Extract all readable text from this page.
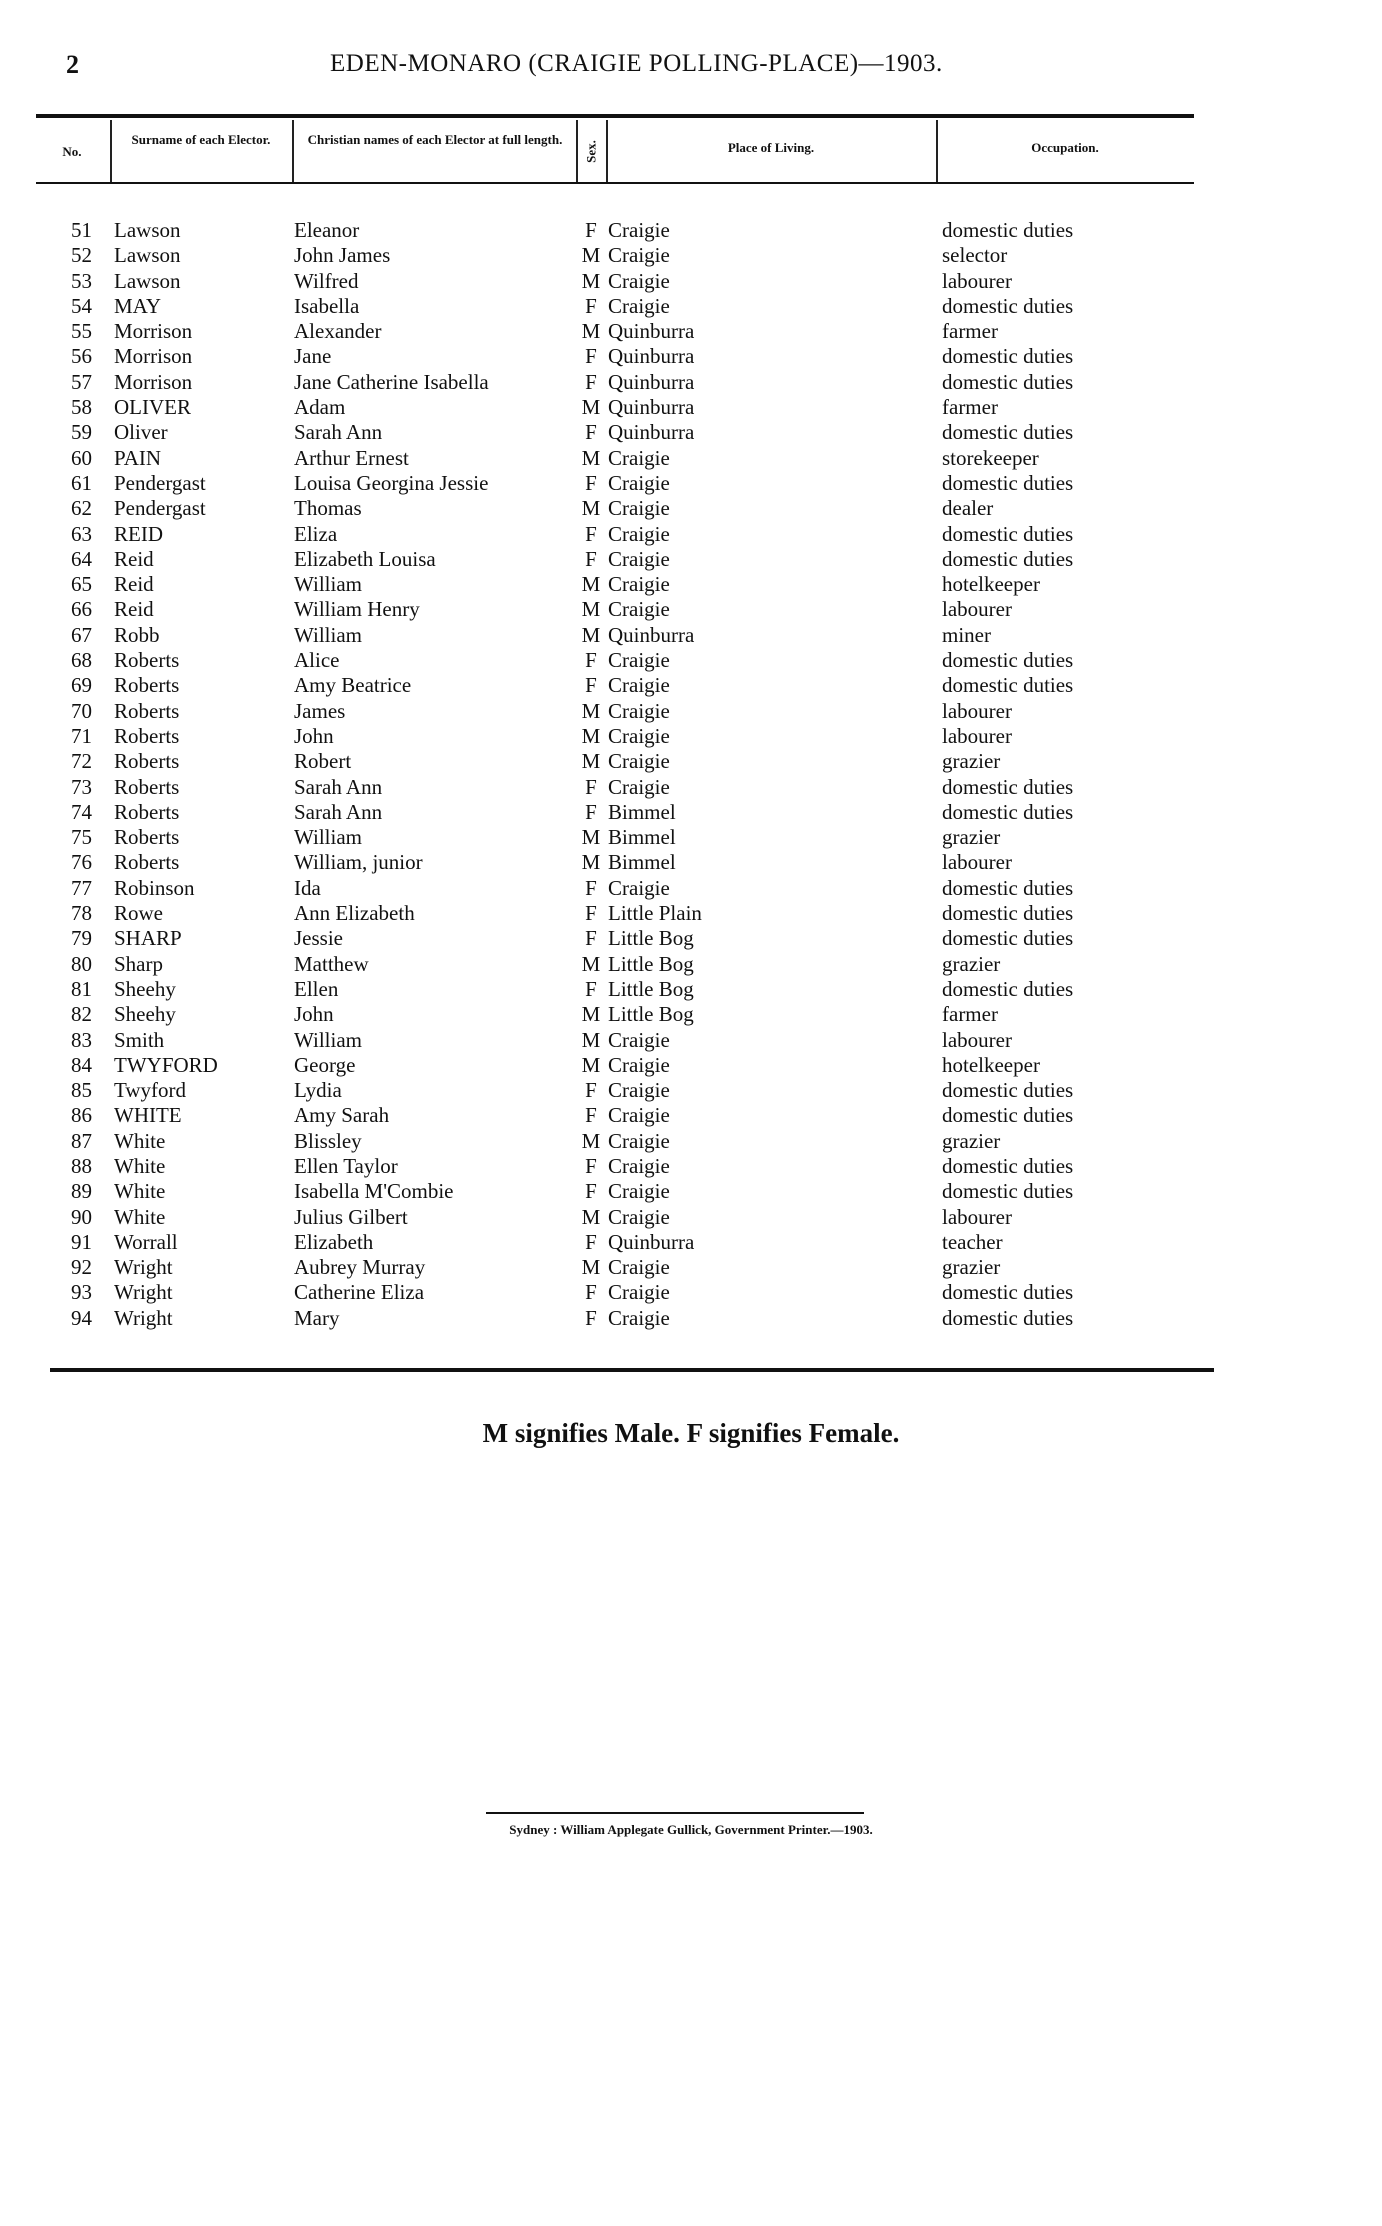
2	EDEN-MONARO (CRAIGIE POLLING-PLACE)—1903.
No.
Surname of each Elector.	Christian names of each Elector at full length.
Sex.	Place of Living.	Occupation.
51 Lawson	Eleanor	F Craigie	domestic duties
52 Lawson	John James	M Craigie	selector
53 Lawson	Wilfred	M Craigie	labourer
54 MAY	Isabella	F Craigie	domestic duties
55 Morrison	Alexander	M Quinburra	farmer
56 Morrison	Jane	F Quinburra	domestic duties
57 Morrison	Jane Catherine Isabella	F Quinburra	domestic duties
58 OLIVER	Adam	M Quinburra	farmer
59 Oliver	Sarah Ann	F Quinburra	domestic duties
60 PAIN	Arthur Ernest	M Craigie	storekeeper
61 Pendergast	Louisa Georgina Jessie	F Craigie	domestic duties
62 Pendergast	Thomas	M Craigie	dealer
63 REID	Eliza	F Craigie	domestic duties
64 Reid	Elizabeth Louisa	F Craigie	domestic duties
65 Reid	William	M Craigie	hotelkeeper
66 Reid	William Henry	M Craigie	labourer
67 Robb	William	M Quinburra	miner
68 Roberts	Alice	F Craigie	domestic duties
69 Roberts	Amy Beatrice	F Craigie	domestic duties
70 Roberts	James	M Craigie	labourer
71 Roberts	John	M Craigie	labourer
72 Roberts	Robert	M Craigie	grazier
73 Roberts	Sarah Ann	F Craigie	domestic duties
74 Roberts	Sarah Ann	F Bimmel	domestic duties
75 Roberts	William	M Bimmel	grazier
76 Roberts	William, junior	M Bimmel	labourer
77 Robinson	Ida	F Craigie	domestic duties
78 Rowe	Ann Elizabeth	F Little Plain	domestic duties
79 SHARP	Jessie	F Little Bog	domestic duties
80 Sharp	Matthew	M Little Bog	grazier
81 Sheehy	Ellen	F Little Bog	domestic duties
82 Sheehy	John	M Little Bog	farmer
83 Smith	William	M Craigie	labourer
84 TWYFORD	George	M Craigie	hotelkeeper
85 Twyford	Lydia	F Craigie	domestic duties
86 WHITE	Amy Sarah	F Craigie	domestic duties
87 White	Blissley	M Craigie	grazier
88 White	Ellen Taylor	F Craigie	domestic duties
89 White	Isabella M'Combie	F Craigie	domestic duties
90 White	Julius Gilbert	M Craigie	labourer
91 Worrall	Elizabeth	F Quinburra	teacher
92 Wright	Aubrey Murray	M Craigie	grazier
93 Wright	Catherine Eliza	F Craigie	domestic duties
94 Wright	Mary	F Craigie	domestic duties
M signifies Male. F signifies Female.
Sydney : William Applegate Gullick, Government Printer.—1903.
